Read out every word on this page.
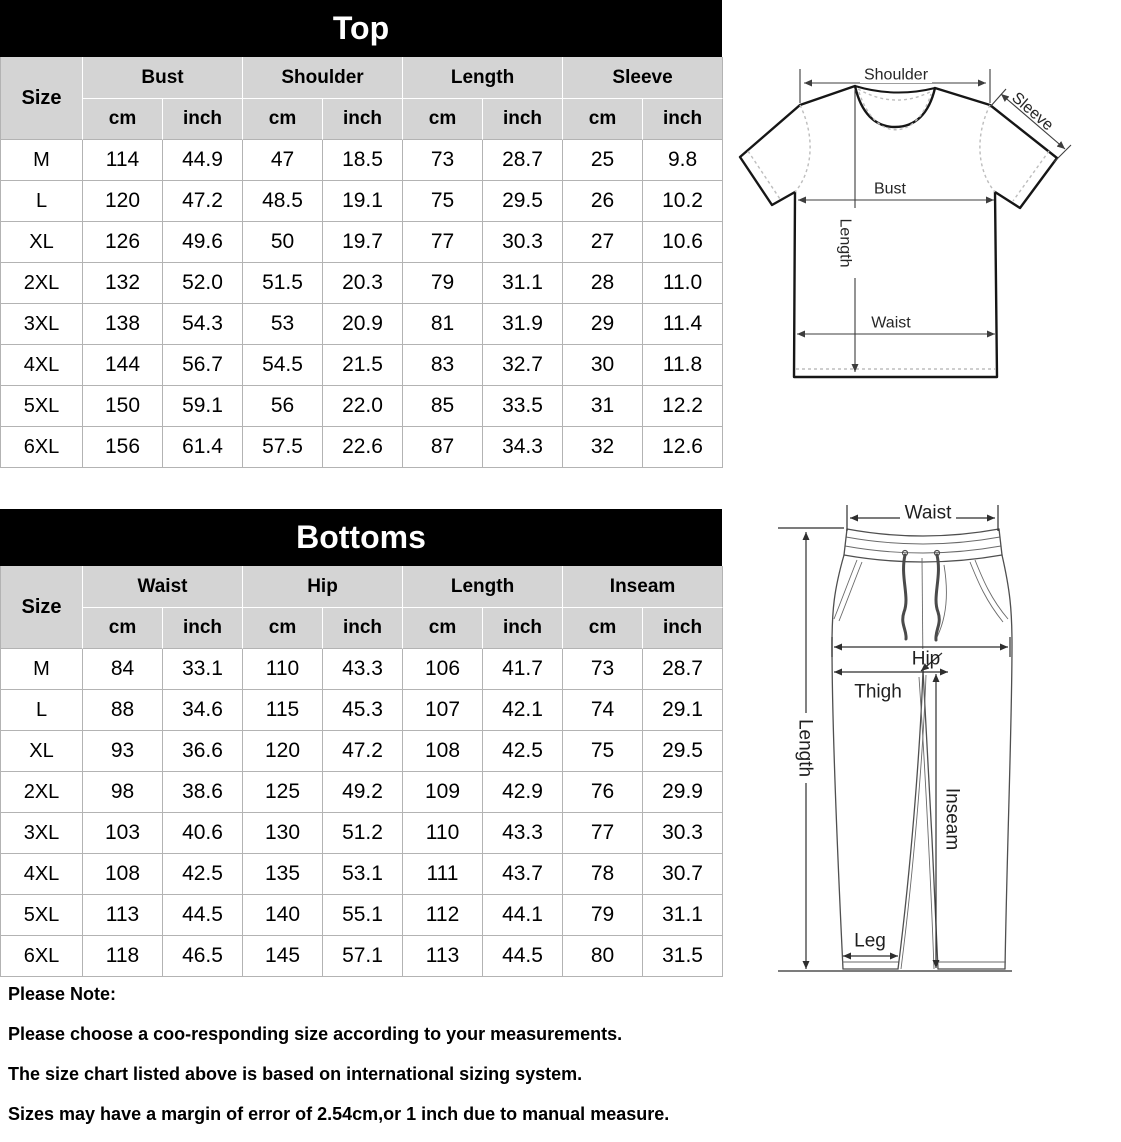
Top
Size	Bust		Shoulder		Length		Sleeve	
	cm	inch	cm	inch	cm	inch	cm	inch
M	114	44.9	47	18.5	73	28.7	25	9.8
L	120	47.2	48.5	19.1	75	29.5	26	10.2
XL	126	49.6	50	19.7	77	30.3	27	10.6
2XL	132	52.0	51.5	20.3	79	31.1	28	11.0
3XL	138	54.3	53	20.9	81	31.9	29	11.4
4XL	144	56.7	54.5	21.5	83	32.7	30	11.8
5XL	150	59.1	56	22.0	85	33.5	31	12.2
6XL	156	61.4	57.5	22.6	87	34.3	32	12.6
Bottoms
Size	Waist		Hip		Length		Inseam	
	cm	inch	cm	inch	cm	inch	cm	inch
M	84	33.1	110	43.3	106	41.7	73	28.7
L	88	34.6	115	45.3	107	42.1	74	29.1
XL	93	36.6	120	47.2	108	42.5	75	29.5
2XL	98	38.6	125	49.2	109	42.9	76	29.9
3XL	103	40.6	130	51.2	110	43.3	77	30.3
4XL	108	42.5	135	53.1	111	43.7	78	30.7
5XL	113	44.5	140	55.1	112	44.1	79	31.1
6XL	118	46.5	145	57.1	113	44.5	80	31.5
Shoulder
Sleeve
Bust
Length
Waist
Waist
Length
Hip
Thigh
Inseam
Leg

Please Note:

Please choose a coo-responding size according to your measurements.

The size chart listed above is based on international sizing system.

Sizes may have a margin of error of 2.54cm,or 1 inch due to manual measure.
